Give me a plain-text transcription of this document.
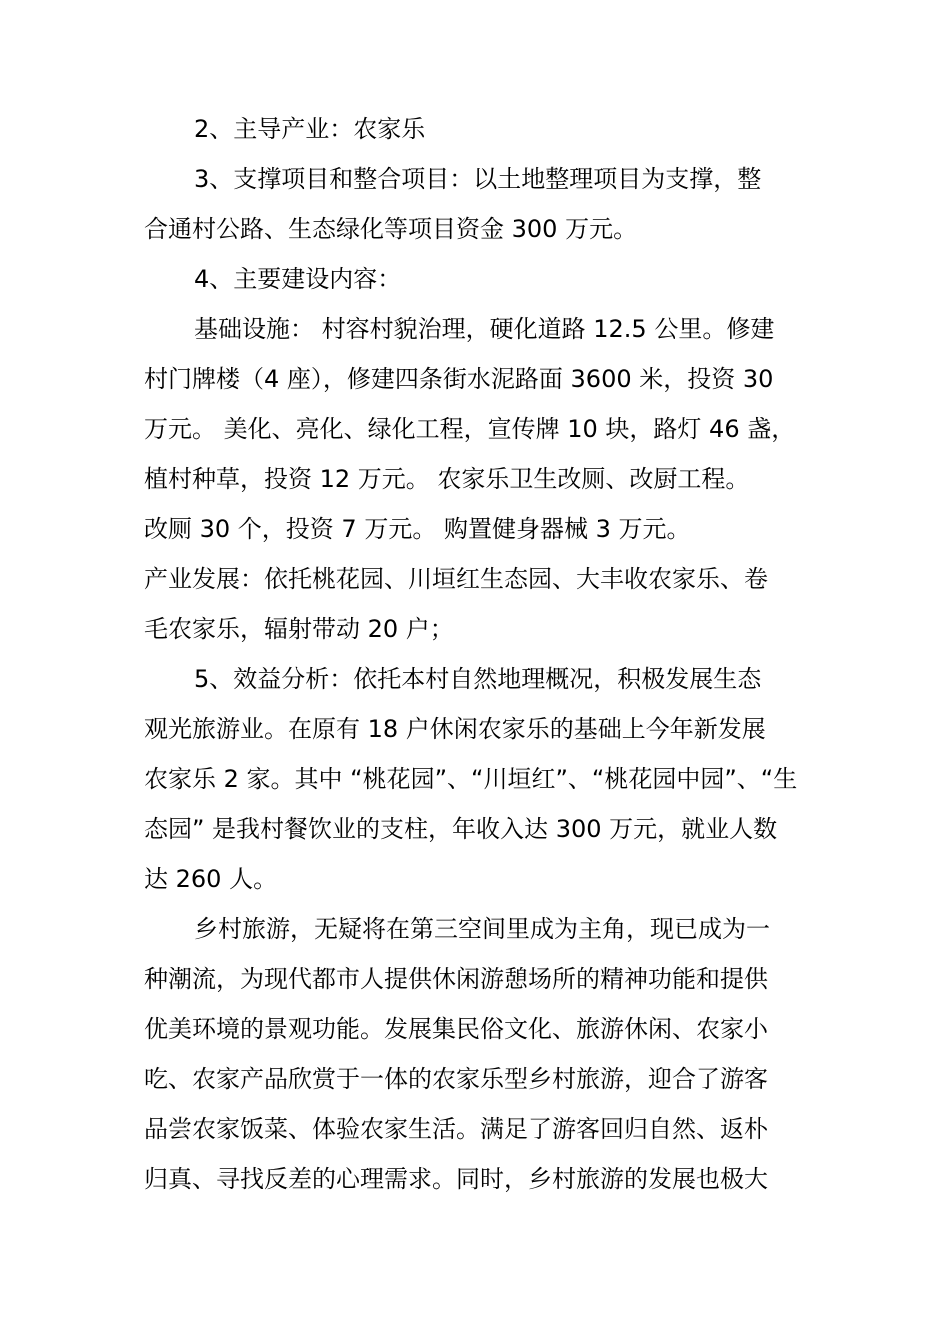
2、主导产业：农家乐
3、支撑项目和整合项目：以土地整理项目为支撑，整
合通村公路、生态绿化等项目资金 300 万元。
4、主要建设内容：
基础设施： 村容村貌治理，硬化道路 12.5 公里。修建
村门牌楼（4 座），修建四条街水泥路面 3600 米，投资 30
万元。 美化、亮化、绿化工程，宣传牌 10 块，路灯 46 盏，
植村种草，投资 12 万元。 农家乐卫生改厕、改厨工程。
改厕 30 个，投资 7 万元。 购置健身器械 3 万元。
产业发展：依托桃花园、川垣红生态园、大丰收农家乐、卷
毛农家乐，辐射带动 20 户；
5、效益分析：依托本村自然地理概况，积极发展生态
观光旅游业。在原有 18 户休闲农家乐的基础上今年新发展
农家乐 2 家。其中 “桃花园”、“川垣红”、“桃花园中园”、“生
态园” 是我村餐饮业的支柱，年收入达 300 万元，就业人数
达 260 人。
乡村旅游，无疑将在第三空间里成为主角，现已成为一
种潮流，为现代都市人提供休闲游憩场所的精神功能和提供
优美环境的景观功能。发展集民俗文化、旅游休闲、农家小
吃、农家产品欣赏于一体的农家乐型乡村旅游，迎合了游客
品尝农家饭菜、体验农家生活。满足了游客回归自然、返朴
归真、寻找反差的心理需求。同时，乡村旅游的发展也极大
